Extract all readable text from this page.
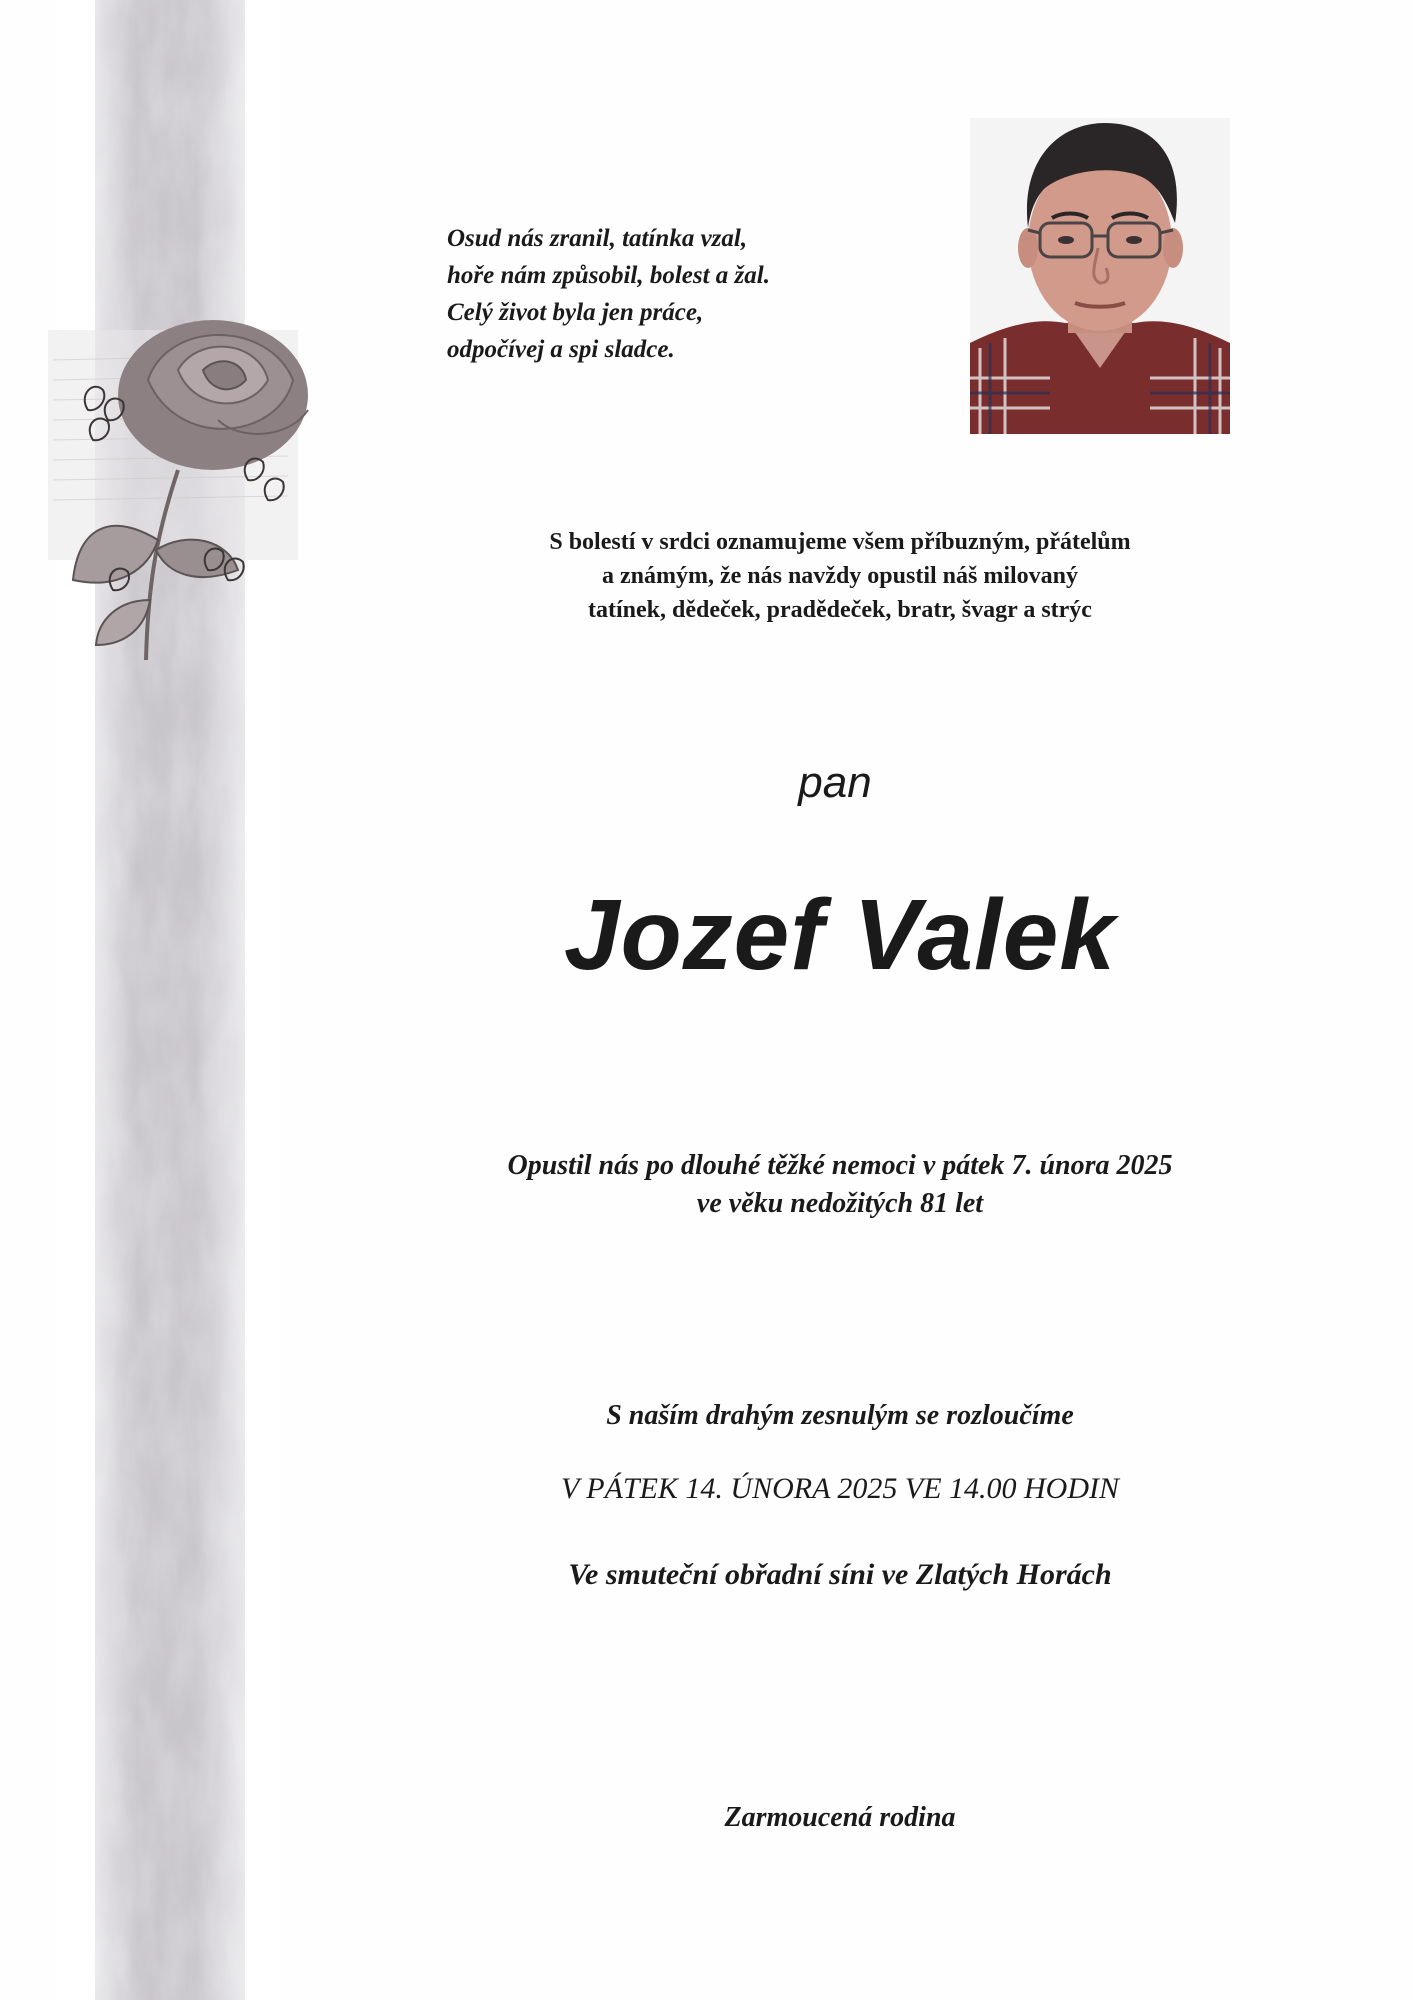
Osud nás zranil, tatínka vzal,
hoře nám způsobil, bolest a žal.
Celý život byla jen práce,
odpočívej a spi sladce.
S bolestí v srdci oznamujeme všem příbuzným, přátelům
a známým, že nás navždy opustil náš milovaný
tatínek, dědeček, pradědeček, bratr, švagr a strýc
pan
Jozef Valek
Opustil nás po dlouhé těžké nemoci v pátek 7. února 2025
ve věku nedožitých 81 let
S naším drahým zesnulým se rozloučíme
V PÁTEK 14. ÚNORA 2025 VE 14.00 HODIN
Ve smuteční obřadní síni ve Zlatých Horách
Zarmoucená rodina
